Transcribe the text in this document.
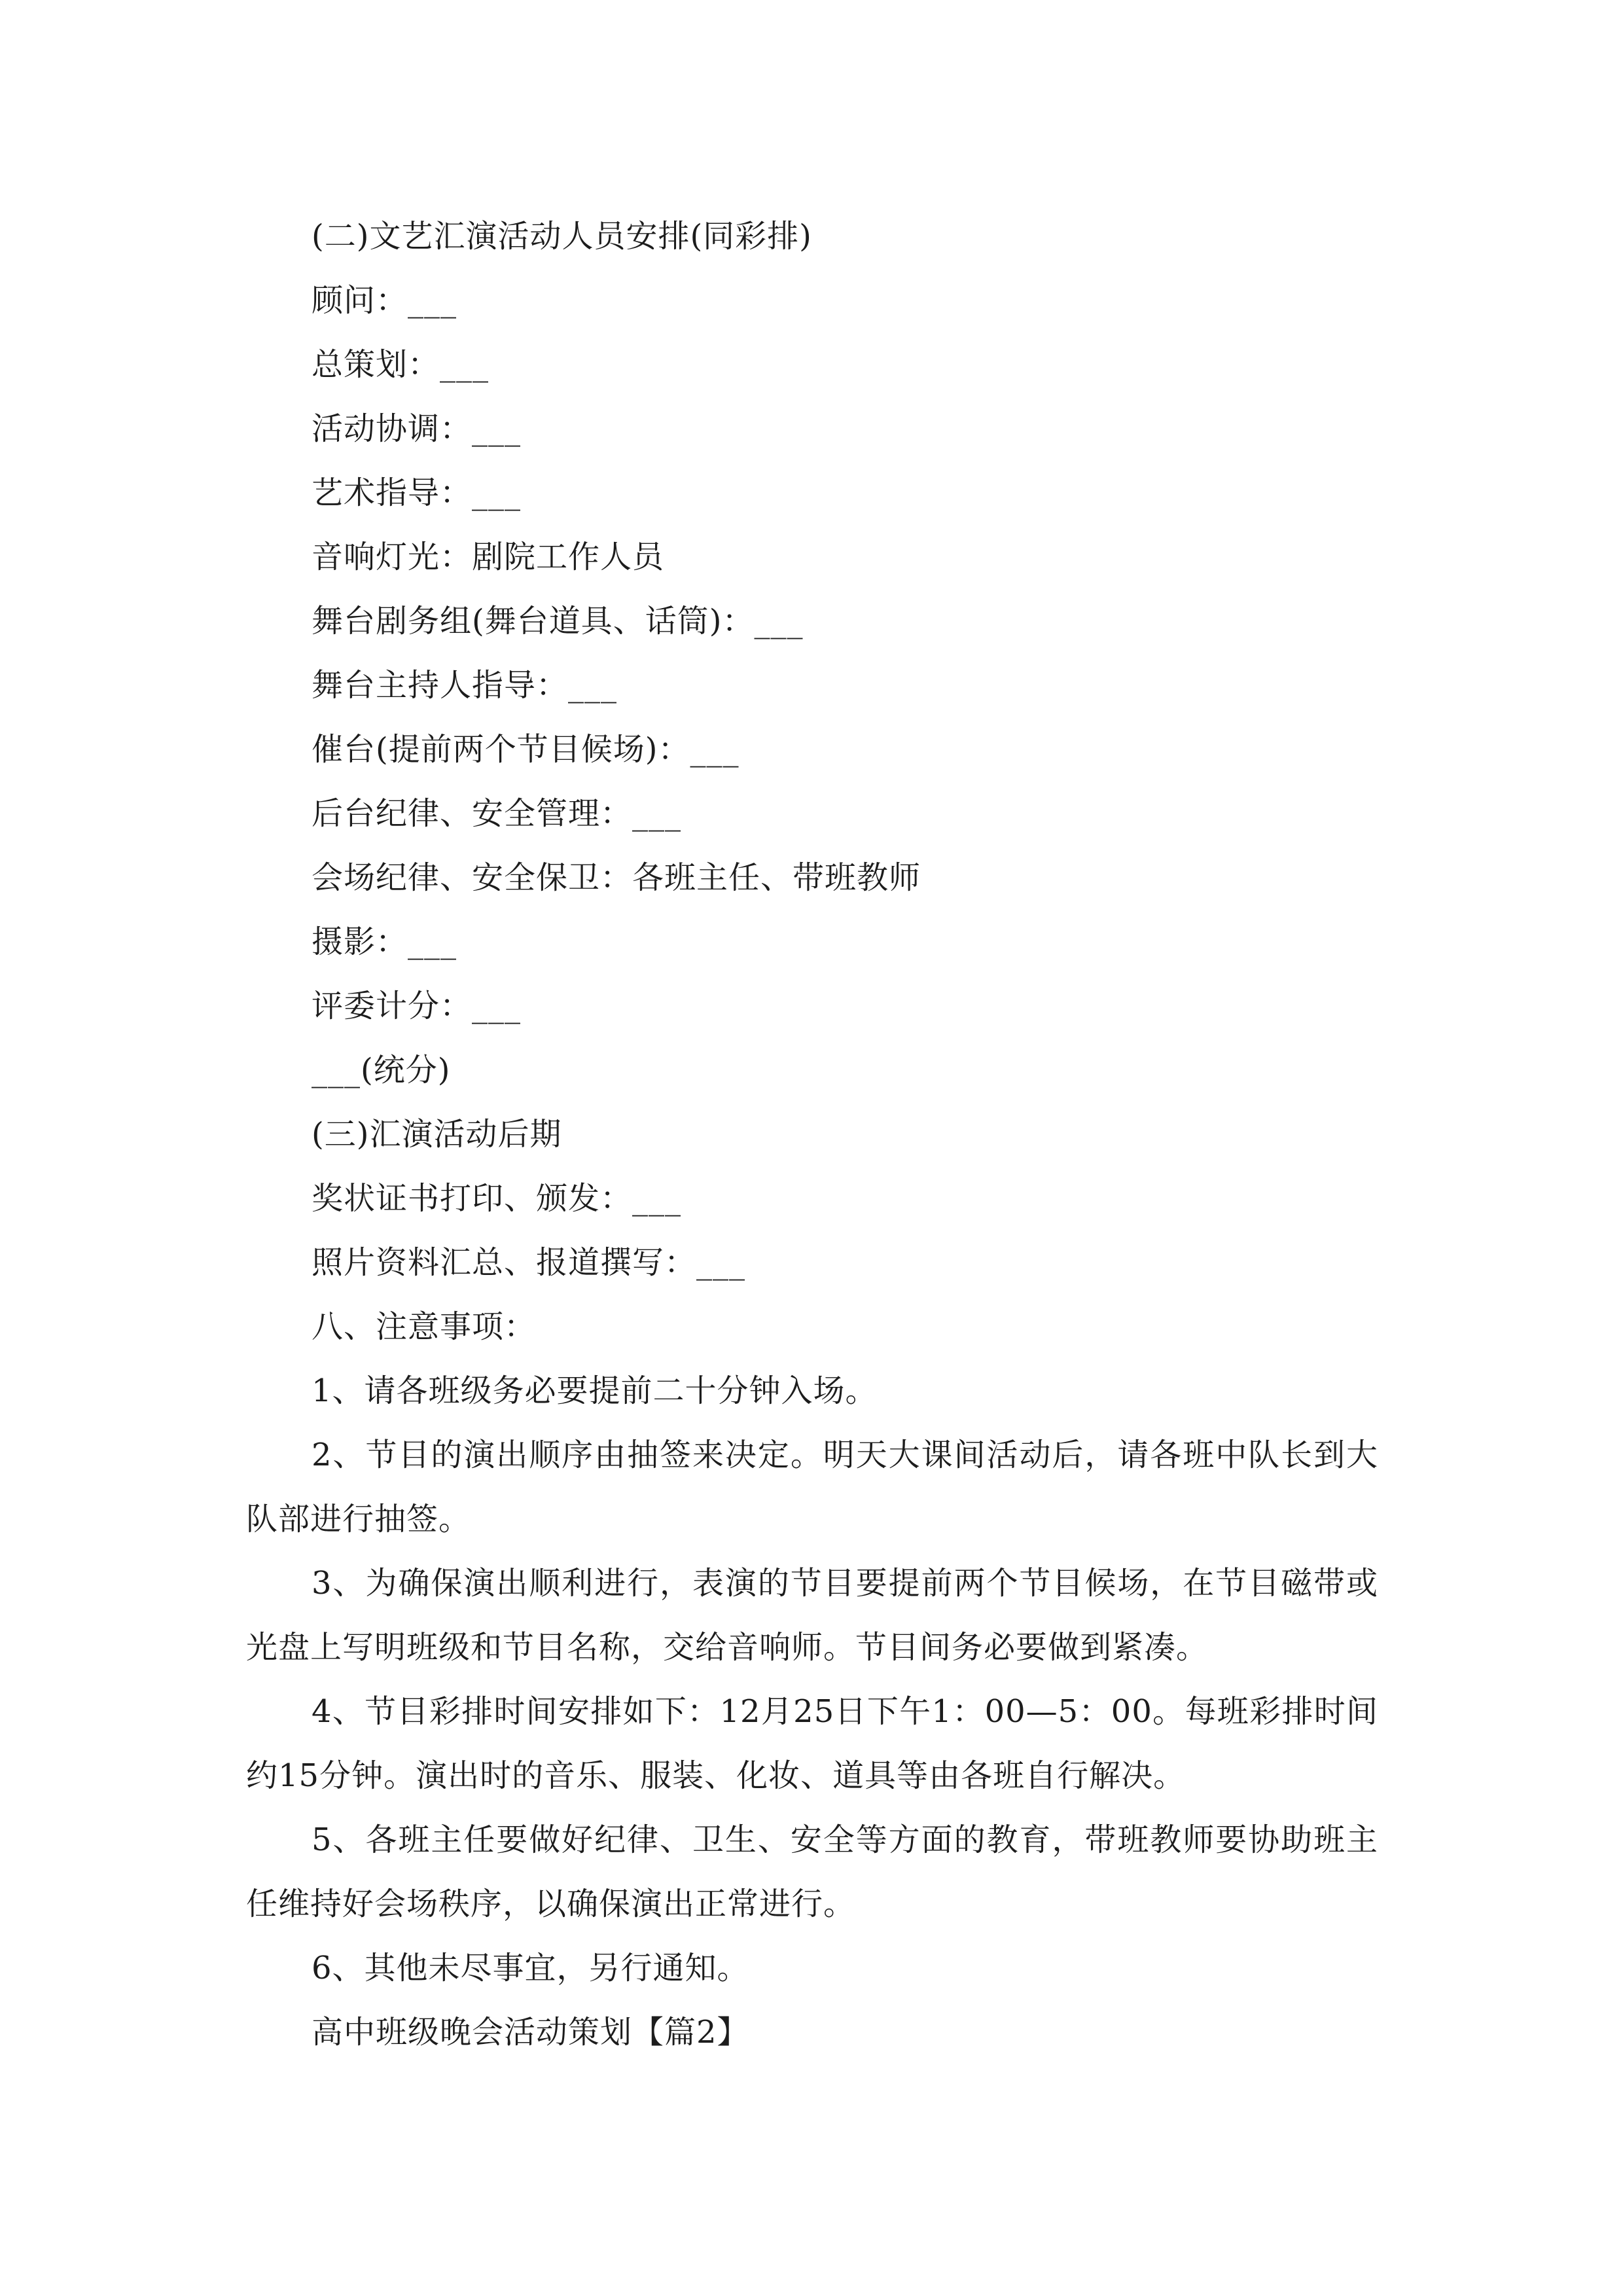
(二)文艺汇演活动人员安排(同彩排)
顾问：___
总策划：___
活动协调：___
艺术指导：___
音响灯光：剧院工作人员
舞台剧务组(舞台道具、话筒)：___
舞台主持人指导：___
催台(提前两个节目候场)：___
后台纪律、安全管理：___
会场纪律、安全保卫：各班主任、带班教师
摄影：___
评委计分：___
___(统分)
(三)汇演活动后期
奖状证书打印、颁发：___
照片资料汇总、报道撰写：___
八、注意事项：
1、请各班级务必要提前二十分钟入场。

2、节目的演出顺序由抽签来决定。明天大课间活动后，请各班中队长到大队部进行抽签。

3、为确保演出顺利进行，表演的节目要提前两个节目候场，在节目磁带或光盘上写明班级和节目名称，交给音响师。节目间务必要做到紧凑。

4、节目彩排时间安排如下：12月25日下午1：00—5：00。每班彩排时间约15分钟。演出时的音乐、服装、化妆、道具等由各班自行解决。

5、各班主任要做好纪律、卫生、安全等方面的教育，带班教师要协助班主任维持好会场秩序，以确保演出正常进行。

6、其他未尽事宜，另行通知。
高中班级晚会活动策划【篇2】
